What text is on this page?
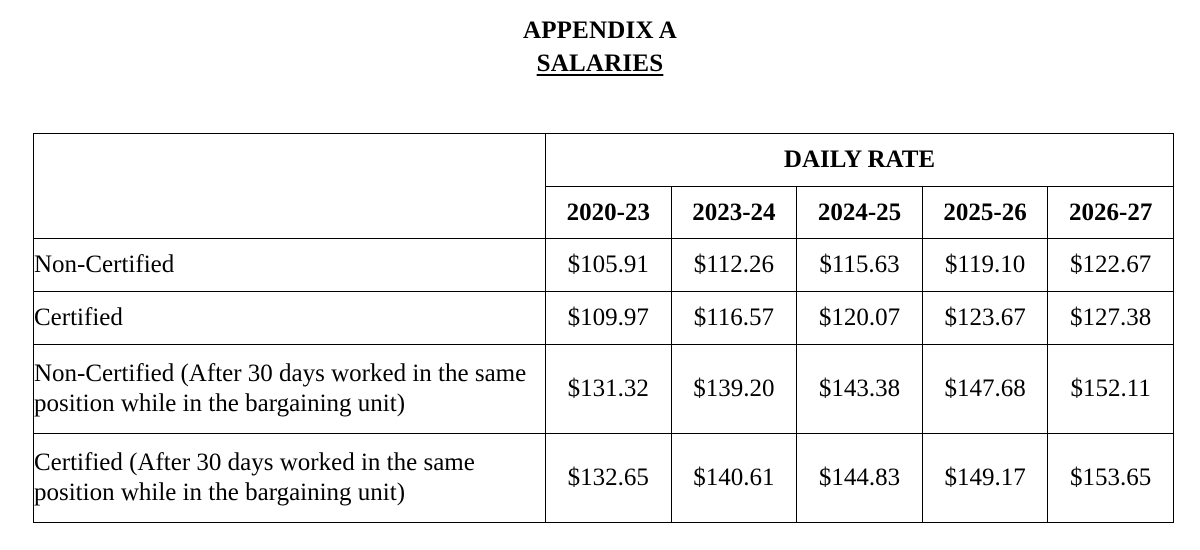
APPENDIX A
SALARIES
	DAILY RATE				
	2020-23	2023-24	2024-25	2025-26	2026-27
Non-Certified	$105.91	$112.26	$115.63	$119.10	$122.67
Certified	$109.97	$116.57	$120.07	$123.67	$127.38
Non-Certified (After 30 days worked in the same position while in the bargaining unit)	$131.32	$139.20	$143.38	$147.68	$152.11
Certified (After 30 days worked in the same position while in the bargaining unit)	$132.65	$140.61	$144.83	$149.17	$153.65
